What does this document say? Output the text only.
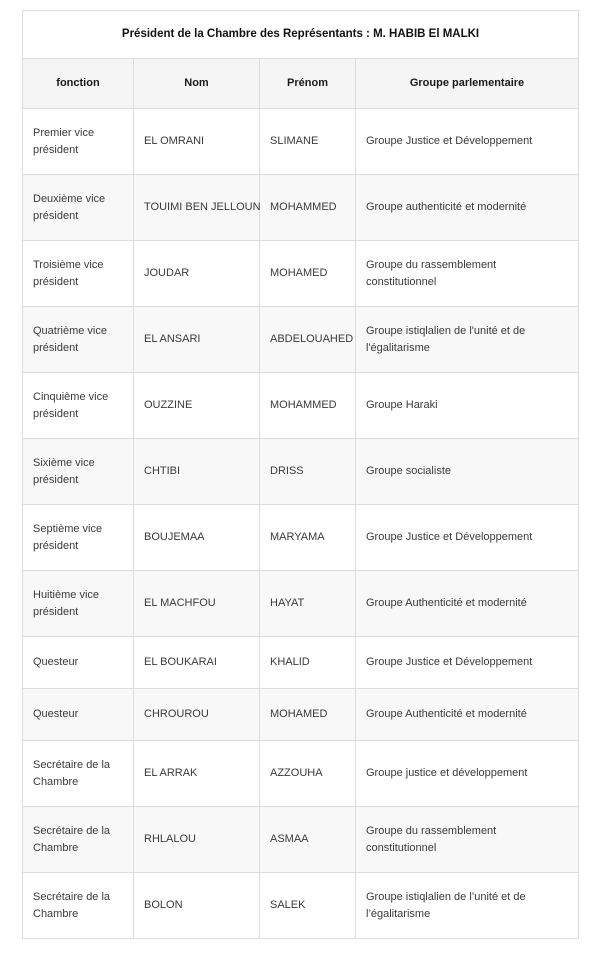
Président de la Chambre des Représentants : M. HABIB El MALKI			
fonction	Nom	Prénom	Groupe parlementaire
Premier vice président	EL OMRANI	SLIMANE	Groupe Justice et Développement
Deuxième vice président	TOUIMI BEN JELLOUN	MOHAMMED	Groupe authenticité et modernité
Troisième vice président	JOUDAR	MOHAMED	Groupe du rassemblement constitutionnel
Quatrième vice président	EL ANSARI	ABDELOUAHED	Groupe istiqlalien de l'unité et de l'égalitarisme
Cinquième vice président	OUZZINE	MOHAMMED	Groupe Haraki
Sixième vice président	CHTIBI	DRISS	Groupe socialiste
Septième vice président	BOUJEMAA	MARYAMA	Groupe Justice et Développement
Huitième vice président	EL MACHFOU	HAYAT	Groupe Authenticité et modernité
Questeur	EL BOUKARAI	KHALID	Groupe Justice et Développement
Questeur	CHROUROU	MOHAMED	Groupe Authenticité et modernité
Secrétaire de la Chambre	EL ARRAK	AZZOUHA	Groupe justice et développement
Secrétaire de la Chambre	RHLALOU	ASMAA	Groupe du rassemblement constitutionnel
Secrétaire de la Chambre	BOLON	SALEK	Groupe istiqlalien de l’unité et de l’égalitarisme
